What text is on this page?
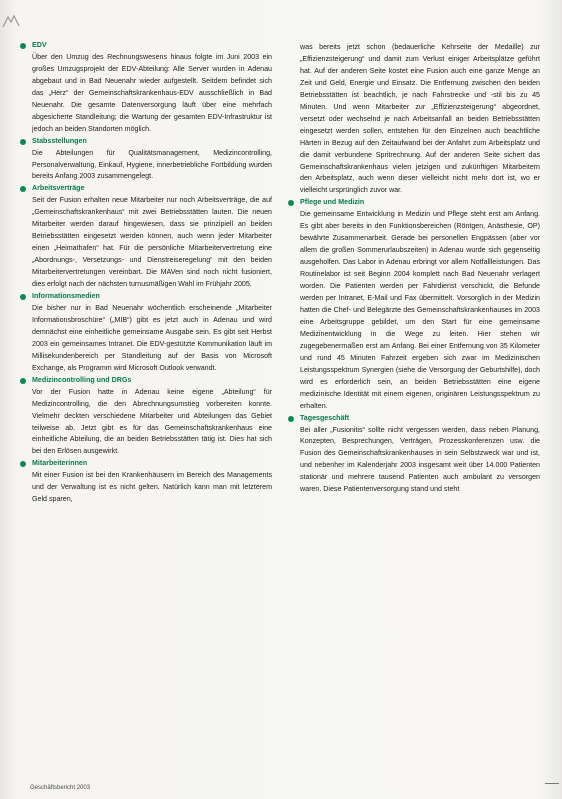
EDV

Über den Umzug des Rechnungswesens hinaus folgte im Juni 2003 ein großes Umzugsprojekt der EDV-Abteilung: Alle Server wurden in Adenau abgebaut und in Bad Neuenahr wieder aufgestellt. Seitdem befindet sich das „Herz“ der Gemeinschaftskrankenhaus-EDV ausschließlich in Bad Neuenahr. Die gesamte Datenversorgung läuft über eine mehrfach abgesicherte Standleitung; die Wartung der gesamten EDV-Infrastruktur ist jedoch an beiden Standorten möglich.

Stabsstellungen

Die Abteilungen für Qualitätsmanagement, Medizincontrolling, Personalverwaltung, Einkauf, Hygiene, innerbetriebliche Fortbildung wurden bereits Anfang 2003 zusammengelegt.

Arbeitsverträge

Seit der Fusion erhalten neue Mitarbeiter nur noch Arbeitsverträge, die auf „Gemeinschaftskrankenhaus“ mit zwei Betriebsstätten lauten. Die neuen Mitarbeiter werden darauf hingewiesen, dass sie prinzipiell an beiden Betriebsstätten eingesetzt werden können, auch wenn jeder Mitarbeiter einen „Heimathafen“ hat. Für die persönliche Mitarbeitervertretung eine „Abordnungs-, Versetzungs- und Dienstreiseregelung“ mit den beiden Mitarbeitervertretungen vereinbart. Die MAVen sind noch nicht fusioniert, dies erfolgt nach der nächsten turnusmäßigen Wahl im Frühjahr 2005.

Informationsmedien

Die bisher nur in Bad Neuenahr wöchentlich erscheinende „Mitarbeiter Informationsbroschüre“ („MIB“) gibt es jetzt auch in Adenau und wird demnächst eine einheitliche gemeinsame Ausgabe sein. Es gibt seit Herbst 2003 ein gemeinsames Intranet. Die EDV-gestützte Kommunikation läuft im Millisekundenbereich per Standleitung auf der Basis von Microsoft Exchange, als Programm wird Microsoft Outlook verwandt.

Medizincontrolling und DRGs

Vor der Fusion hatte in Adenau keine eigene „Abteilung“ für Medizincontrolling, die den Abrechnungsumstieg vorbereiten konnte. Vielmehr deckten verschiedene Mitarbeiter und Abteilungen das Gebiet teilweise ab. Jetzt gibt es für das Gemeinschaftskrankenhaus eine einheitliche Abteilung, die an beiden Betriebsstätten tätig ist. Dies hat sich bei den Erlösen ausgewirkt.

Mitarbeiterinnen

Mit einer Fusion ist bei den Krankenhäusern im Bereich des Managements und der Verwaltung ist es nicht gelten. Natürlich kann man mit letzterem Geld sparen,

was bereits jetzt schon (bedauerliche Kehrseite der Medaille) zur „Effizienzsteigerung“ und damit zum Verlust einiger Arbeitsplätze geführt hat. Auf der anderen Seite kostet eine Fusion auch eine ganze Menge an Zeit und Geld, Energie und Einsatz. Die Entfernung zwischen den beiden Betriebsstätten ist beachtlich, je nach Fahrstrecke und -stil bis zu 45 Minuten. Und wenn Mitarbeiter zur „Effizienzsteigerung“ abgeordnet, versetzt oder wechselnd je nach Arbeitsanfall an beiden Betriebsstätten eingesetzt werden sollen, entstehen für den Einzelnen auch beachtliche Härten in Bezug auf den Zeitaufwand bei der Anfahrt zum Arbeitsplatz und die damit verbundene Spritrechnung. Auf der anderen Seite sichert das Gemeinschaftskrankenhaus vielen jetzigen und zukünftigen Mitarbeitern den Arbeitsplatz, auch wenn dieser vielleicht nicht mehr dort ist, wo er vielleicht ursprünglich zuvor war.

Pflege und Medizin

Die gemeinsame Entwicklung in Medizin und Pflege steht erst am Anfang. Es gibt aber bereits in den Funktionsbereichen (Röntgen, Anästhesie, OP) bewährte Zusammenarbeit. Gerade bei personellen Engpässen (aber vor allem die großen Sommerurlaubszeiten) in Adenau wurde sich gegenseitig ausgeholfen. Das Labor in Adenau erbringt vor allem Notfallleistungen. Das Routinelabor ist seit Beginn 2004 komplett nach Bad Neuenahr verlagert worden. Die Patienten werden per Fahrdienst verschickt, die Befunde werden per Intranet, E-Mail und Fax übermittelt. Vorsorglich in der Medizin hatten die Chef- und Belegärzte des Gemeinschaftskrankenhauses im 2003 eine Arbeitsgruppe gebildet, um den Start für eine gemeinsame Medizinentwicklung in die Wege zu leiten. Hier stehen wir zugegebenermaßen erst am Anfang. Bei einer Entfernung von 35 Kilometer und rund 45 Minuten Fahrzeit ergeben sich zwar im Medizinischen Leistungsspektrum Synergien (siehe die Versorgung der Geburtshilfe), doch wird es erforderlich sein, an beiden Betriebsstätten eine eigene medizinische Identität mit einem eigenen, originären Leistungsspektrum zu erhalten.

Tagesgeschäft

Bei aller „Fusionitis“ sollte nicht vergessen werden, dass neben Planung, Konzepten, Besprechungen, Verträgen, Prozesskonferenzen usw. die Fusion des Gemeinschaftskrankenhauses in sein Selbstzweck war und ist, und nebenher im Kalenderjahr 2003 insgesamt weit über 14.000 Patienten stationär und mehrere tausend Patienten auch ambulant zu versorgen waren. Diese Patientenversorgung stand und steht

Geschäftsbericht 2003
